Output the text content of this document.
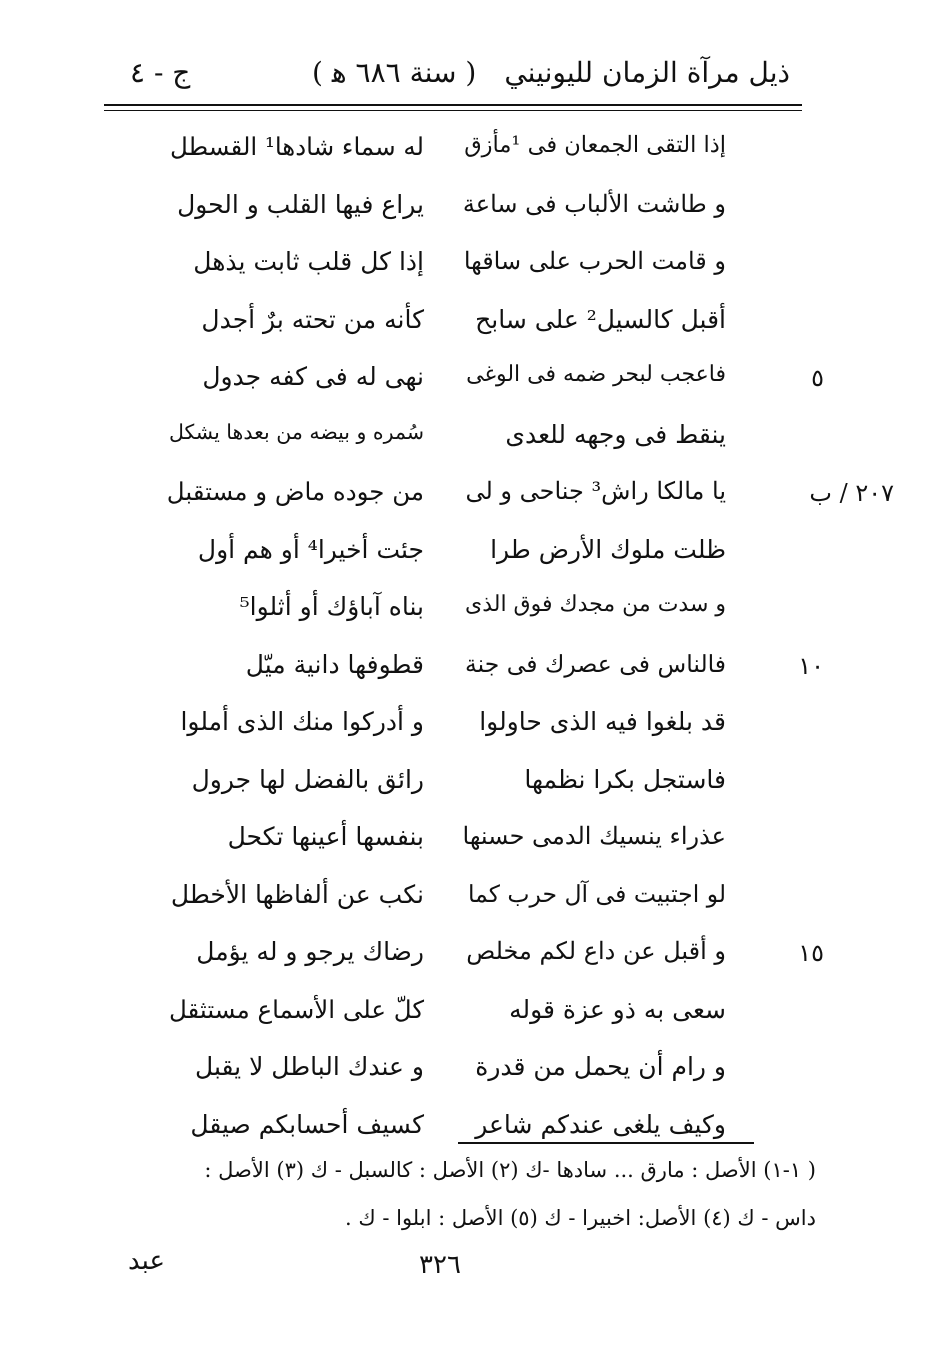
ذيل مرآة الزمان لليونيني( سنة ٦٨٦ ﻫ )
ج - ٤
إذا التقى الجمعان فى ¹مأزق
له سماء شادها¹ القسطل
و طاشت الألباب فى ساعة
يراع فيها القلب و الحول
و قامت الحرب على ساقها
إذا كل قلب ثابت يذهل
أقبل كالسيل² على سابح
كأنه من تحته برٌ أجدل
فاعجب لبحر ضمه فى الوغى
نهى له فى كفه جدول	٥
ينقط فى وجهه للعدى
سُمره و بيضه من بعدها يشكل
يا مالكا راش³ جناحى و لى
من جوده ماض و مستقبل	٢٠٧ / ب
ظلت ملوك الأرض طرا
جئت أخيرا⁴ أو هم أول
و سدت من مجدك فوق الذى
بناه آباؤك أو أثلوا⁵
فالناس فى عصرك فى جنة
قطوفها دانية ميّل	١٠
قد بلغوا فيه الذى حاولوا
و أدركوا منك الذى أملوا
فاستجل بكرا نظمها
رائق بالفضل لها جرول
عذراء ينسيك الدمى حسنها
بنفسها أعينها تكحل
لو اجتبيت فى آل حرب كما
نكب عن ألفاظها الأخطل
و أقبل عن داع لكم مخلص
رضاك يرجو و له يؤمل	١٥
سعى به ذو عزة قوله
كلّ على الأسماع مستثقل
و رام أن يحمل من قدرة
و عندك الباطل لا يقبل
وكيف يلغى عندكم شاعر
كسيف أحسابكم صيقل
( ١-١) الأصل : مارق ... سادها -ك (٢) الأصل : كالسبل - ك (٣) الأصل :
داس - ك (٤) الأصل: اخبيرا - ك (٥) الأصل : ابلوا - ك .
٣٢٦
عبد
